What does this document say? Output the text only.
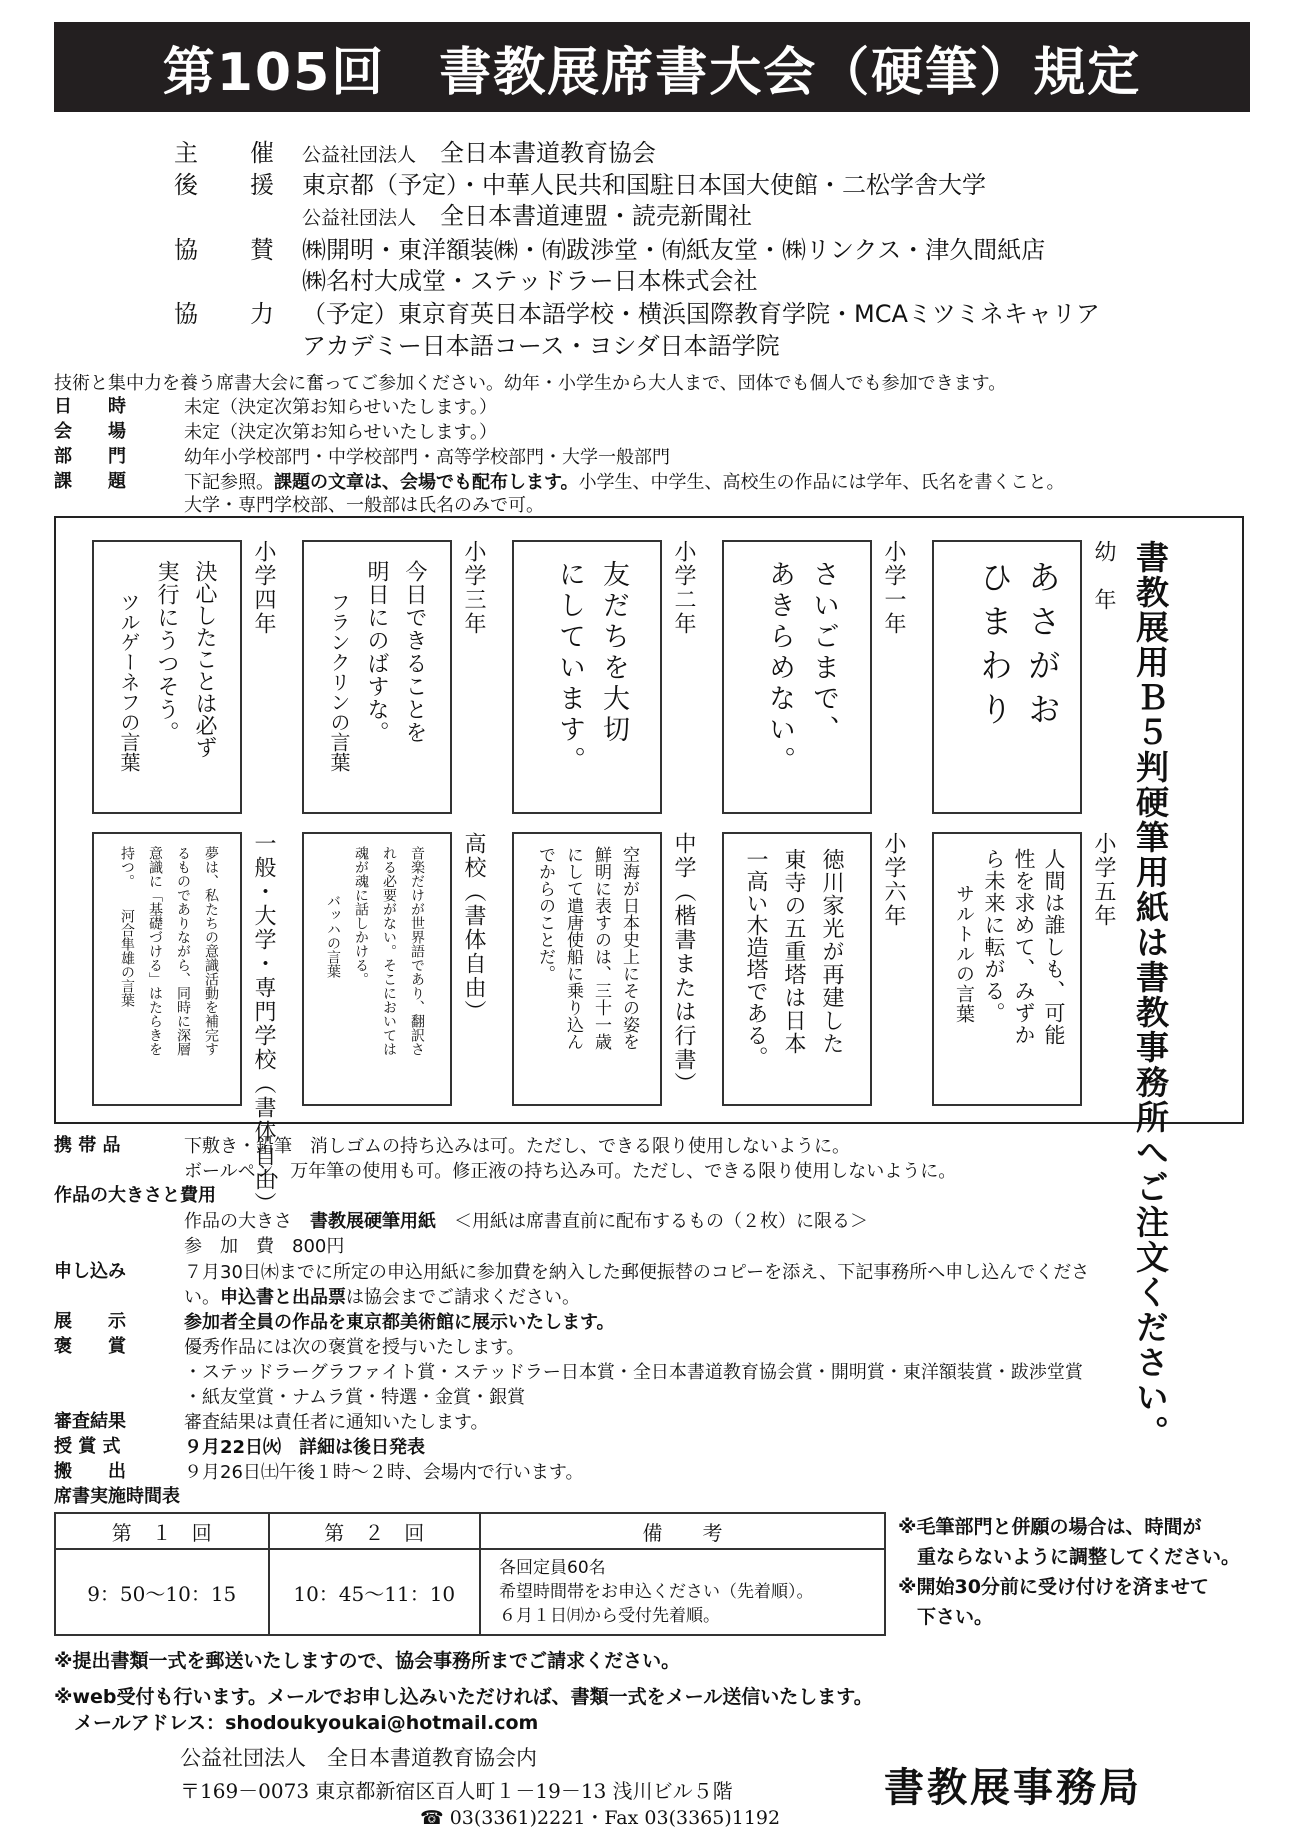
第105回　書教展席書大会（硬筆）規定
主　催 公益社団法人　 全日本書道教育協会
後　援 東京都（予定）・中華人民共和国駐日本国大使館・二松学舎大学
公益社団法人　 全日本書道連盟・読売新聞社
協　賛 ㈱開明・東洋額装㈱・㈲跋渉堂・㈲紙友堂・㈱リンクス・津久間紙店
㈱名村大成堂・ステッドラー日本株式会社
協　力 （予定）東京育英日本語学校・横浜国際教育学院・MCAミツミネキャリア
アカデミー日本語コース・ヨシダ日本語学院
技術と集中力を養う席書大会に奮ってご参加ください。幼年・小学生から大人まで、団体でも個人でも参加できます。
日　　時	未定（決定次第お知らせいたします。）
会　　場	未定（決定次第お知らせいたします。）
部　　門	幼年小学校部門・中学校部門・高等学校部門・大学一般部門
課　　題	下記参照。課題の文章は、会場でも配布します。小学生、中学生、高校生の作品には学年、氏名を書くこと。
大学・専門学校部、一般部は氏名のみで可。
書教展用Ｂ５判硬筆用紙は書教事務所へご注文ください。
幼　年
小学一年
小学二年
小学三年
小学四年	あさがお
ひまわり
さいごまで、
あきらめない。
友だちを大切
にしています。
今日できることを
明日にのばすな。
フランクリンの言葉
決心したことは必ず
実行にうつそう。
ツルゲーネフの言葉
小学五年
小学六年
中学（楷書または行書）
高校（書体自由）
一般・大学・専門学校（書体自由）	人間は誰しも、可能
性を求めて、みずか
ら未来に転がる。
サルトルの言葉
徳川家光が再建した
東寺の五重塔は日本
一高い木造塔である。
空海が日本史上にその姿を
鮮明に表すのは、三十一歳
にして遣唐使船に乗り込ん
でからのことだ。
音楽だけが世界語であり、翻訳さ
れる必要がない。そこにおいては
魂が魂に話しかける。
バッハの言葉
夢は、私たちの意識活動を補完す
るものでありながら、同時に深層
意識に「基礎づける」はたらきを
持つ。　　河合隼雄の言葉
携 帯 品	下敷き・鉛筆　消しゴムの持ち込みは可。ただし、できる限り使用しないように。
ボールペン、万年筆の使用も可。修正液の持ち込み可。ただし、できる限り使用しないように。
作品の大きさと費用
作品の大きさ　書教展硬筆用紙　 ＜用紙は席書直前に配布するもの（２枚）に限る＞
参　加　費　800円
申し込み	７月30日㈭までに所定の申込用紙に参加費を納入した郵便振替のコピーを添え、下記事務所へ申し込んでくださ
い。申込書と出品票は協会までご請求ください。
展　　示	参加者全員の作品を東京都美術館に展示いたします。
褒　　賞	優秀作品には次の褒賞を授与いたします。
・ステッドラーグラファイト賞・ステッドラー日本賞・全日本書道教育協会賞・開明賞・東洋額装賞・跋渉堂賞
・紙友堂賞・ナムラ賞・特選・金賞・銀賞
審査結果	審査結果は責任者に通知いたします。
授 賞 式	９月22日㈫　詳細は後日発表
搬　　出	９月26日㈯午後１時～２時、会場内で行います。
席書実施時間表
第　１　回	第　２　回	備　　考
9：50～10：15	10：45～11：10	各回定員60名
希望時間帯をお申込ください（先着順）。
６月１日㈪から受付先着順。
※毛筆部門と併願の場合は、時間が
　重ならないように調整してください。
※開始30分前に受け付けを済ませて
　下さい。
※提出書類一式を郵送いたしますので、協会事務所までご請求ください。
※web受付も行います。メールでお申し込みいただければ、書類一式をメール送信いたします。
メールアドレス：shodoukyoukai@hotmail.com
公益社団法人　全日本書道教育協会内
〒169－0073 東京都新宿区百人町１－19－13 浅川ビル５階
☎ 03(3361)2221・Fax 03(3365)1192
書教展事務局
